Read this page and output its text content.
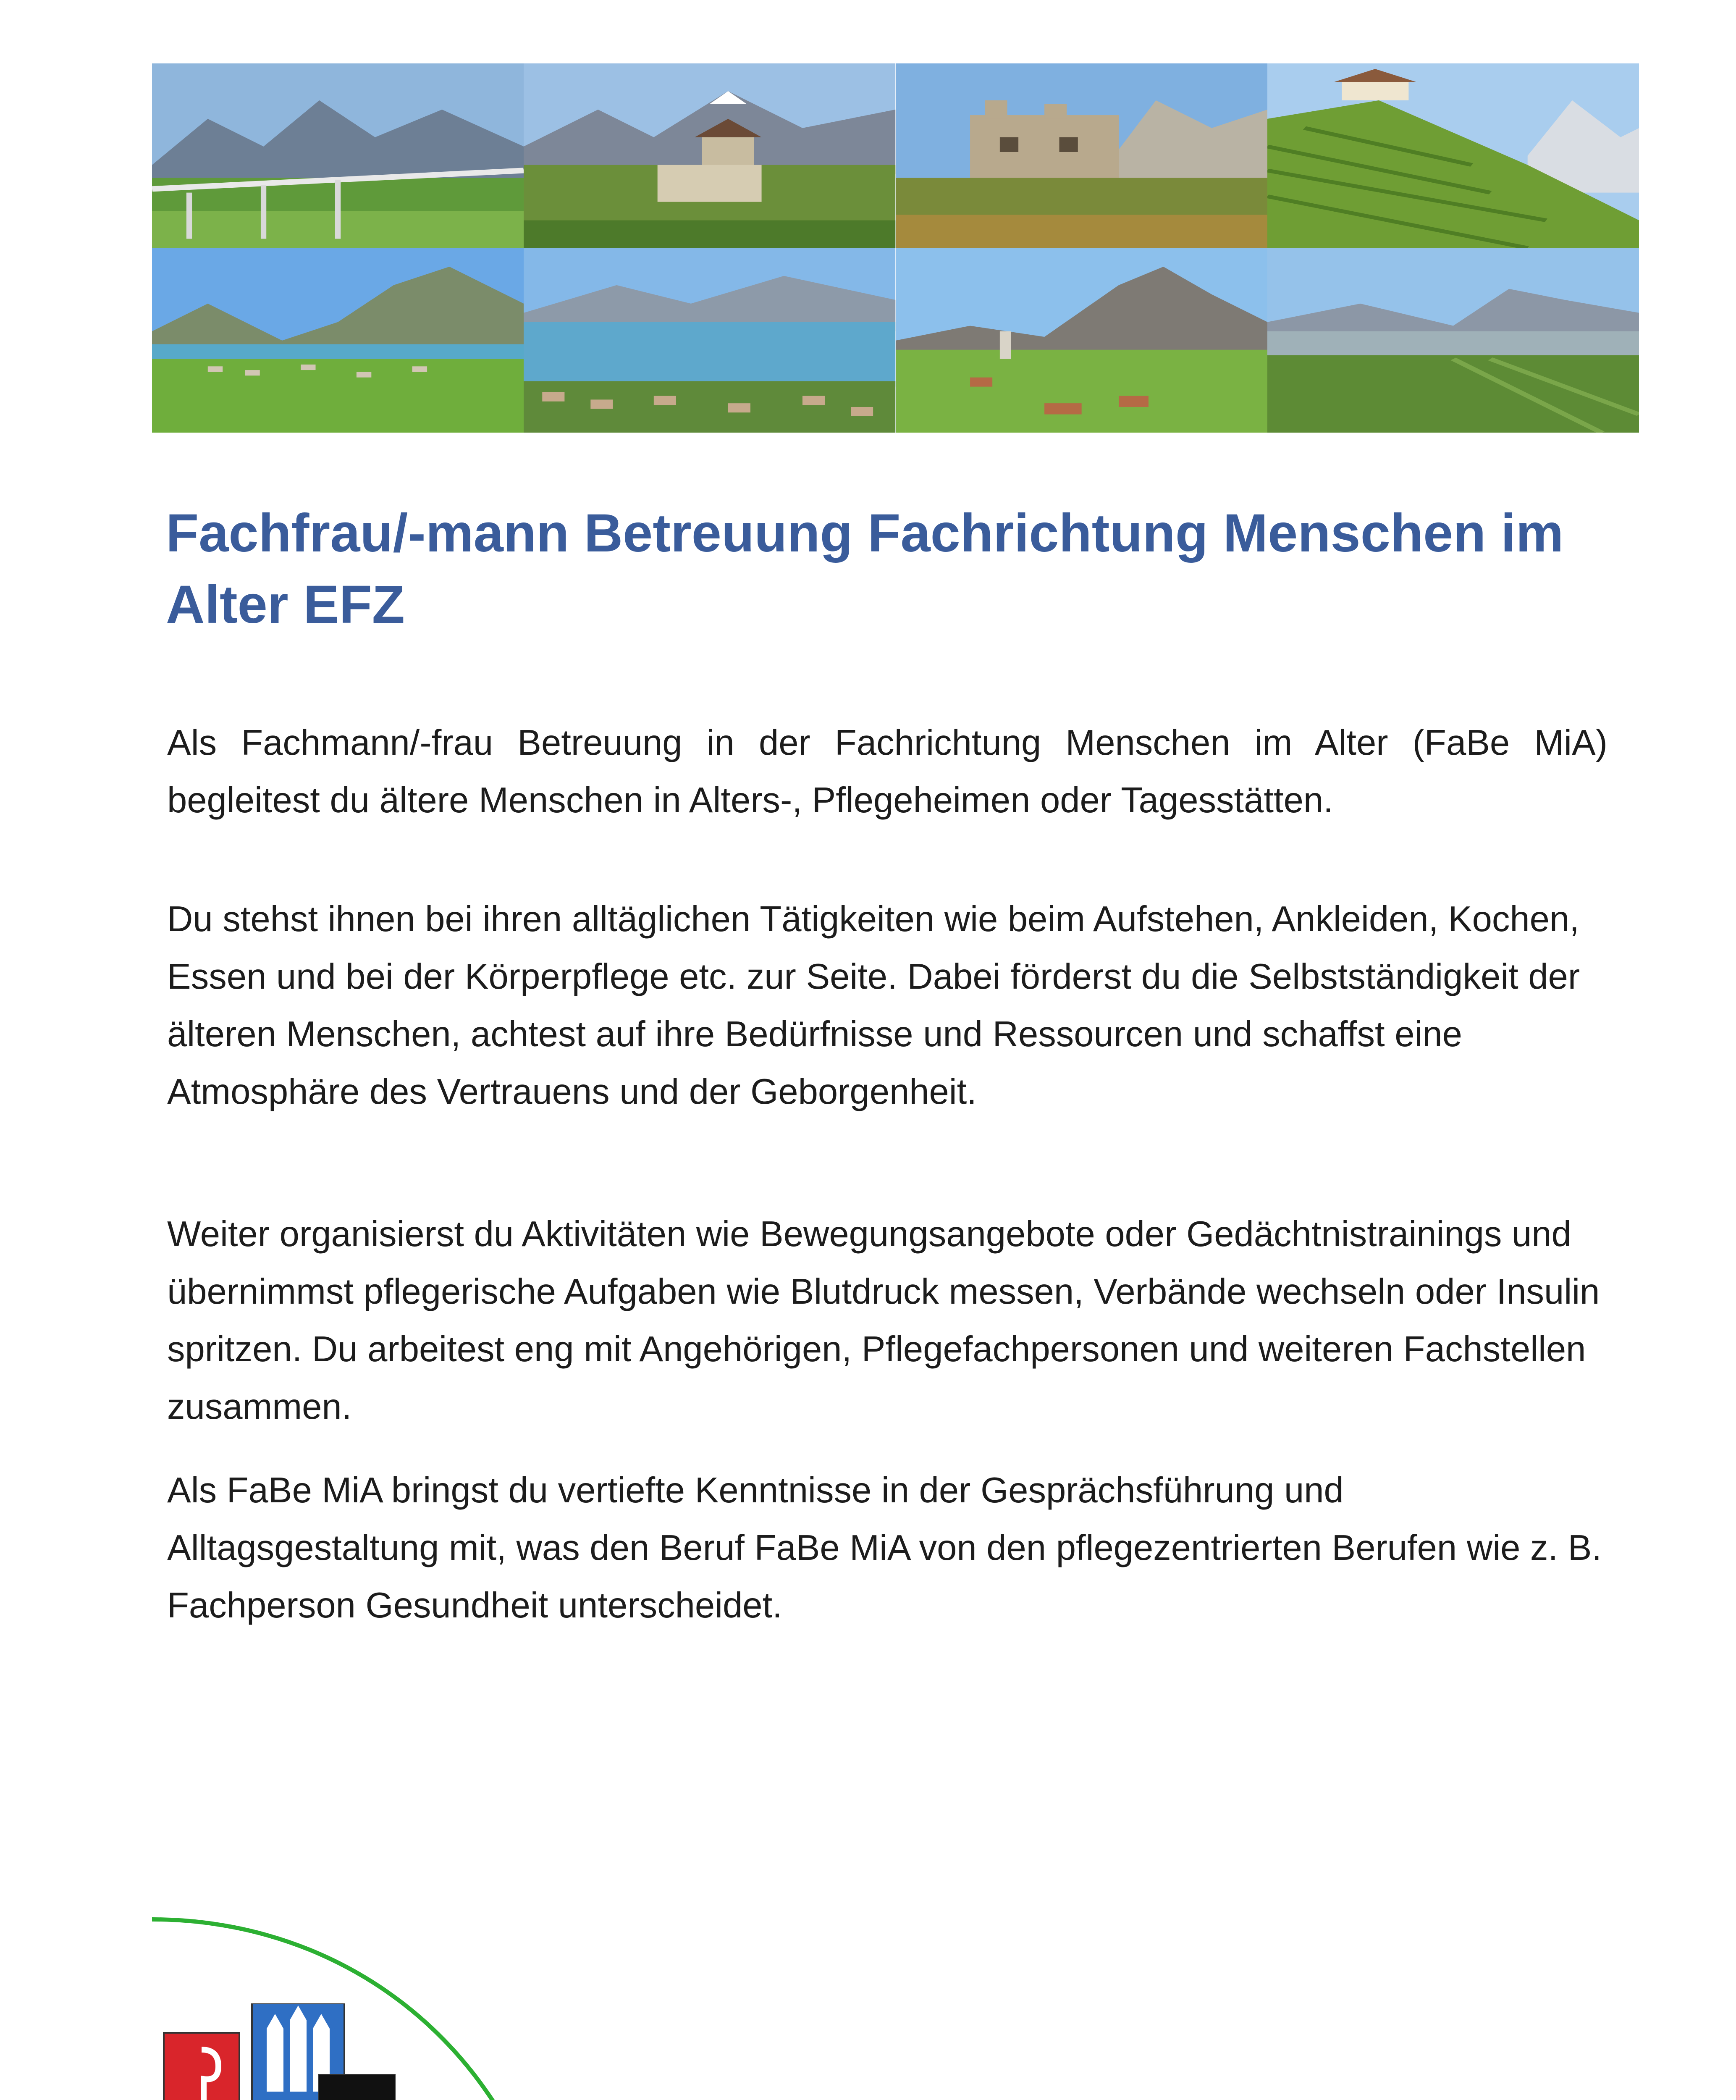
Fachfrau/-mann Betreuung Fachrichtung Menschen im Alter EFZ

Als Fachmann/-frau Betreuung in der Fachrichtung Menschen im Alter (FaBe MiA) begleitest du ältere Menschen in Alters-, Pflegeheimen oder Tagesstätten.

Du stehst ihnen bei ihren alltäglichen Tätigkeiten wie beim Aufstehen, Ankleiden, Kochen, Essen und bei der Körperpflege etc. zur Seite. Dabei förderst du die Selbstständigkeit der älteren Menschen, achtest auf ihre Bedürfnisse und Ressourcen und schaffst eine Atmosphäre des Vertrauens und der Geborgenheit.

Weiter organisierst du Aktivitäten wie Bewegungsangebote oder Gedächtnistrainings und übernimmst pflegerische Aufgaben wie Blutdruck messen, Verbände wechseln oder Insulin spritzen. Du arbeitest eng mit Angehörigen, Pflegefachpersonen und weiteren Fachstellen zusammen.

Als FaBe MiA bringst du vertiefte Kenntnisse in der Gesprächsführung und Alltagsgestaltung mit, was den Beruf FaBe MiA von den pflegezentrierten Berufen wie z. B. Fachperson Gesundheit unterscheidet.
